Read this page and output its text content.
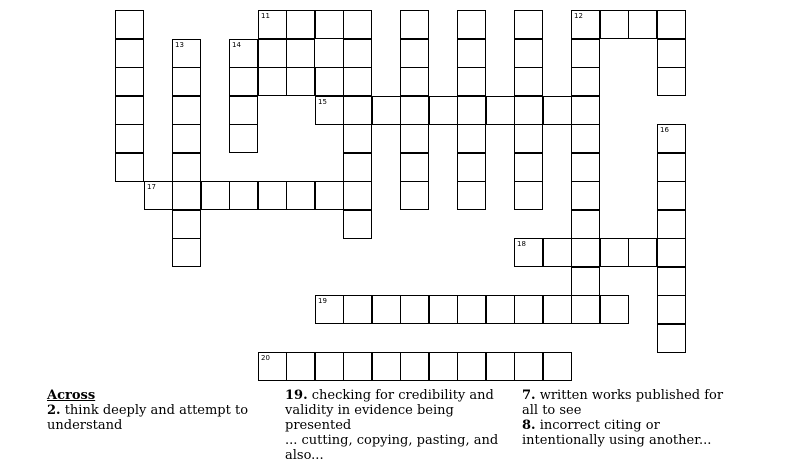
13	14
11	12
16
15
17
18
19
20
Across
2. think deeply and attempt to understand
19. checking for credibility and validity in evidence being presented
... cutting, copying, pasting, and also...
7. written works published for all to see
8. incorrect citing or intentionally using another...
